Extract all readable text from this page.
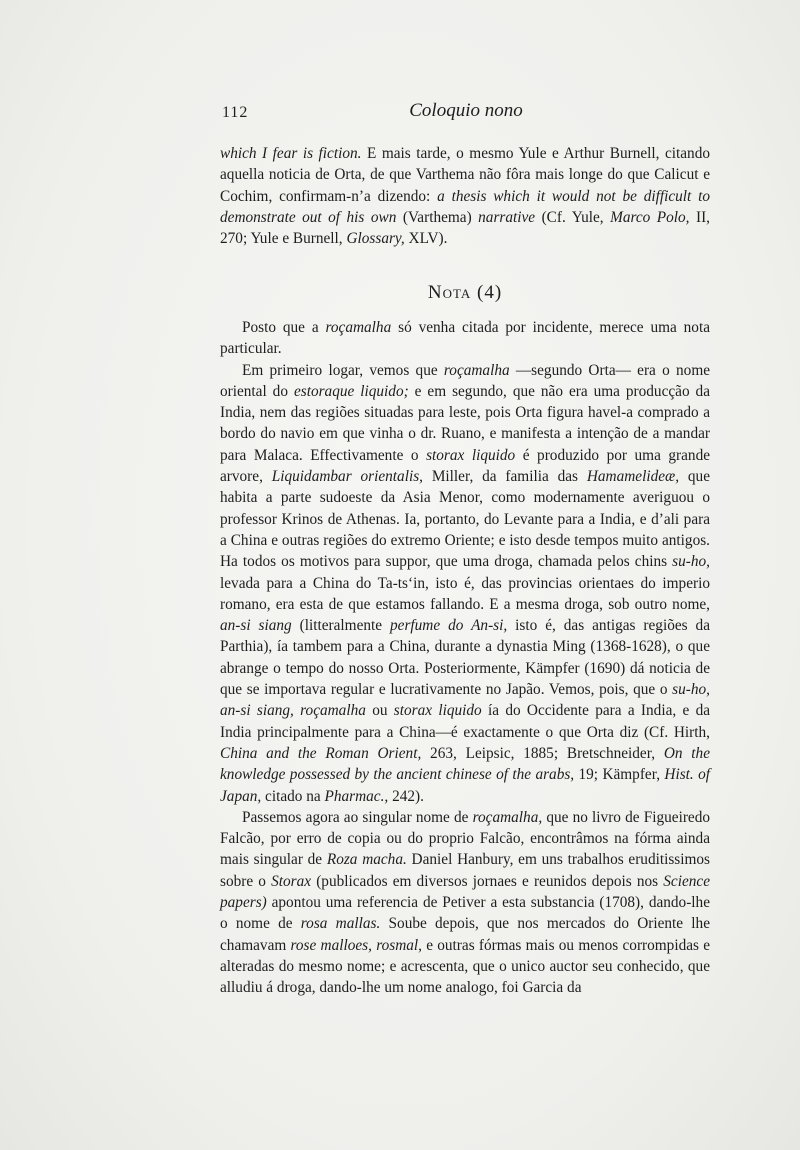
112	Coloquio nono

which I fear is fiction. E mais tarde, o mesmo Yule e Arthur Burnell, citando aquella noticia de Orta, de que Varthema não fôra mais longe do que Calicut e Cochim, confirmam-n’a dizendo: a thesis which it would not be difficult to demonstrate out of his own (Varthema) narrative (Cf. Yule, Marco Polo, II, 270; Yule e Burnell, Glossary, XLV).

Nota (4)

Posto que a roçamalha só venha citada por incidente, merece uma nota particular.

Em primeiro logar, vemos que roçamalha —segundo Orta— era o nome oriental do estoraque liquido; e em segundo, que não era uma producção da India, nem das regiões situadas para leste, pois Orta figura havel-a comprado a bordo do navio em que vinha o dr. Ruano, e manifesta a intenção de a mandar para Malaca. Effectivamente o storax liquido é produzido por uma grande arvore, Liquidambar orientalis, Miller, da familia das Hamamelideæ, que habita a parte sudoeste da Asia Menor, como modernamente averiguou o professor Krinos de Athenas. Ia, portanto, do Levante para a India, e d’ali para a China e outras regiões do extremo Oriente; e isto desde tempos muito antigos. Ha todos os motivos para suppor, que uma droga, chamada pelos chins su-ho, levada para a China do Ta-ts‘in, isto é, das provincias orientaes do imperio romano, era esta de que estamos fallando. E a mesma droga, sob outro nome, an-si siang (litteralmente perfume do An-si, isto é, das antigas regiões da Parthia), ía tambem para a China, durante a dynastia Ming (1368-1628), o que abrange o tempo do nosso Orta. Posteriormente, Kämpfer (1690) dá noticia de que se importava regular e lucrativamente no Japão. Vemos, pois, que o su-ho, an-si siang, roçamalha ou storax liquido ía do Occidente para a India, e da India principalmente para a China—é exactamente o que Orta diz (Cf. Hirth, China and the Roman Orient, 263, Leipsic, 1885; Bretschneider, On the knowledge possessed by the ancient chinese of the arabs, 19; Kämpfer, Hist. of Japan, citado na Pharmac., 242).

Passemos agora ao singular nome de roçamalha, que no livro de Figueiredo Falcão, por erro de copia ou do proprio Falcão, encontrâmos na fórma ainda mais singular de Roza macha. Daniel Hanbury, em uns trabalhos eruditissimos sobre o Storax (publicados em diversos jornaes e reunidos depois nos Science papers) apontou uma referencia de Petiver a esta substancia (1708), dando-lhe o nome de rosa mallas. Soube depois, que nos mercados do Oriente lhe chamavam rose malloes, rosmal, e outras fórmas mais ou menos corrompidas e alteradas do mesmo nome; e acrescenta, que o unico auctor seu conhecido, que alludiu á droga, dando-lhe um nome analogo, foi Garcia da
